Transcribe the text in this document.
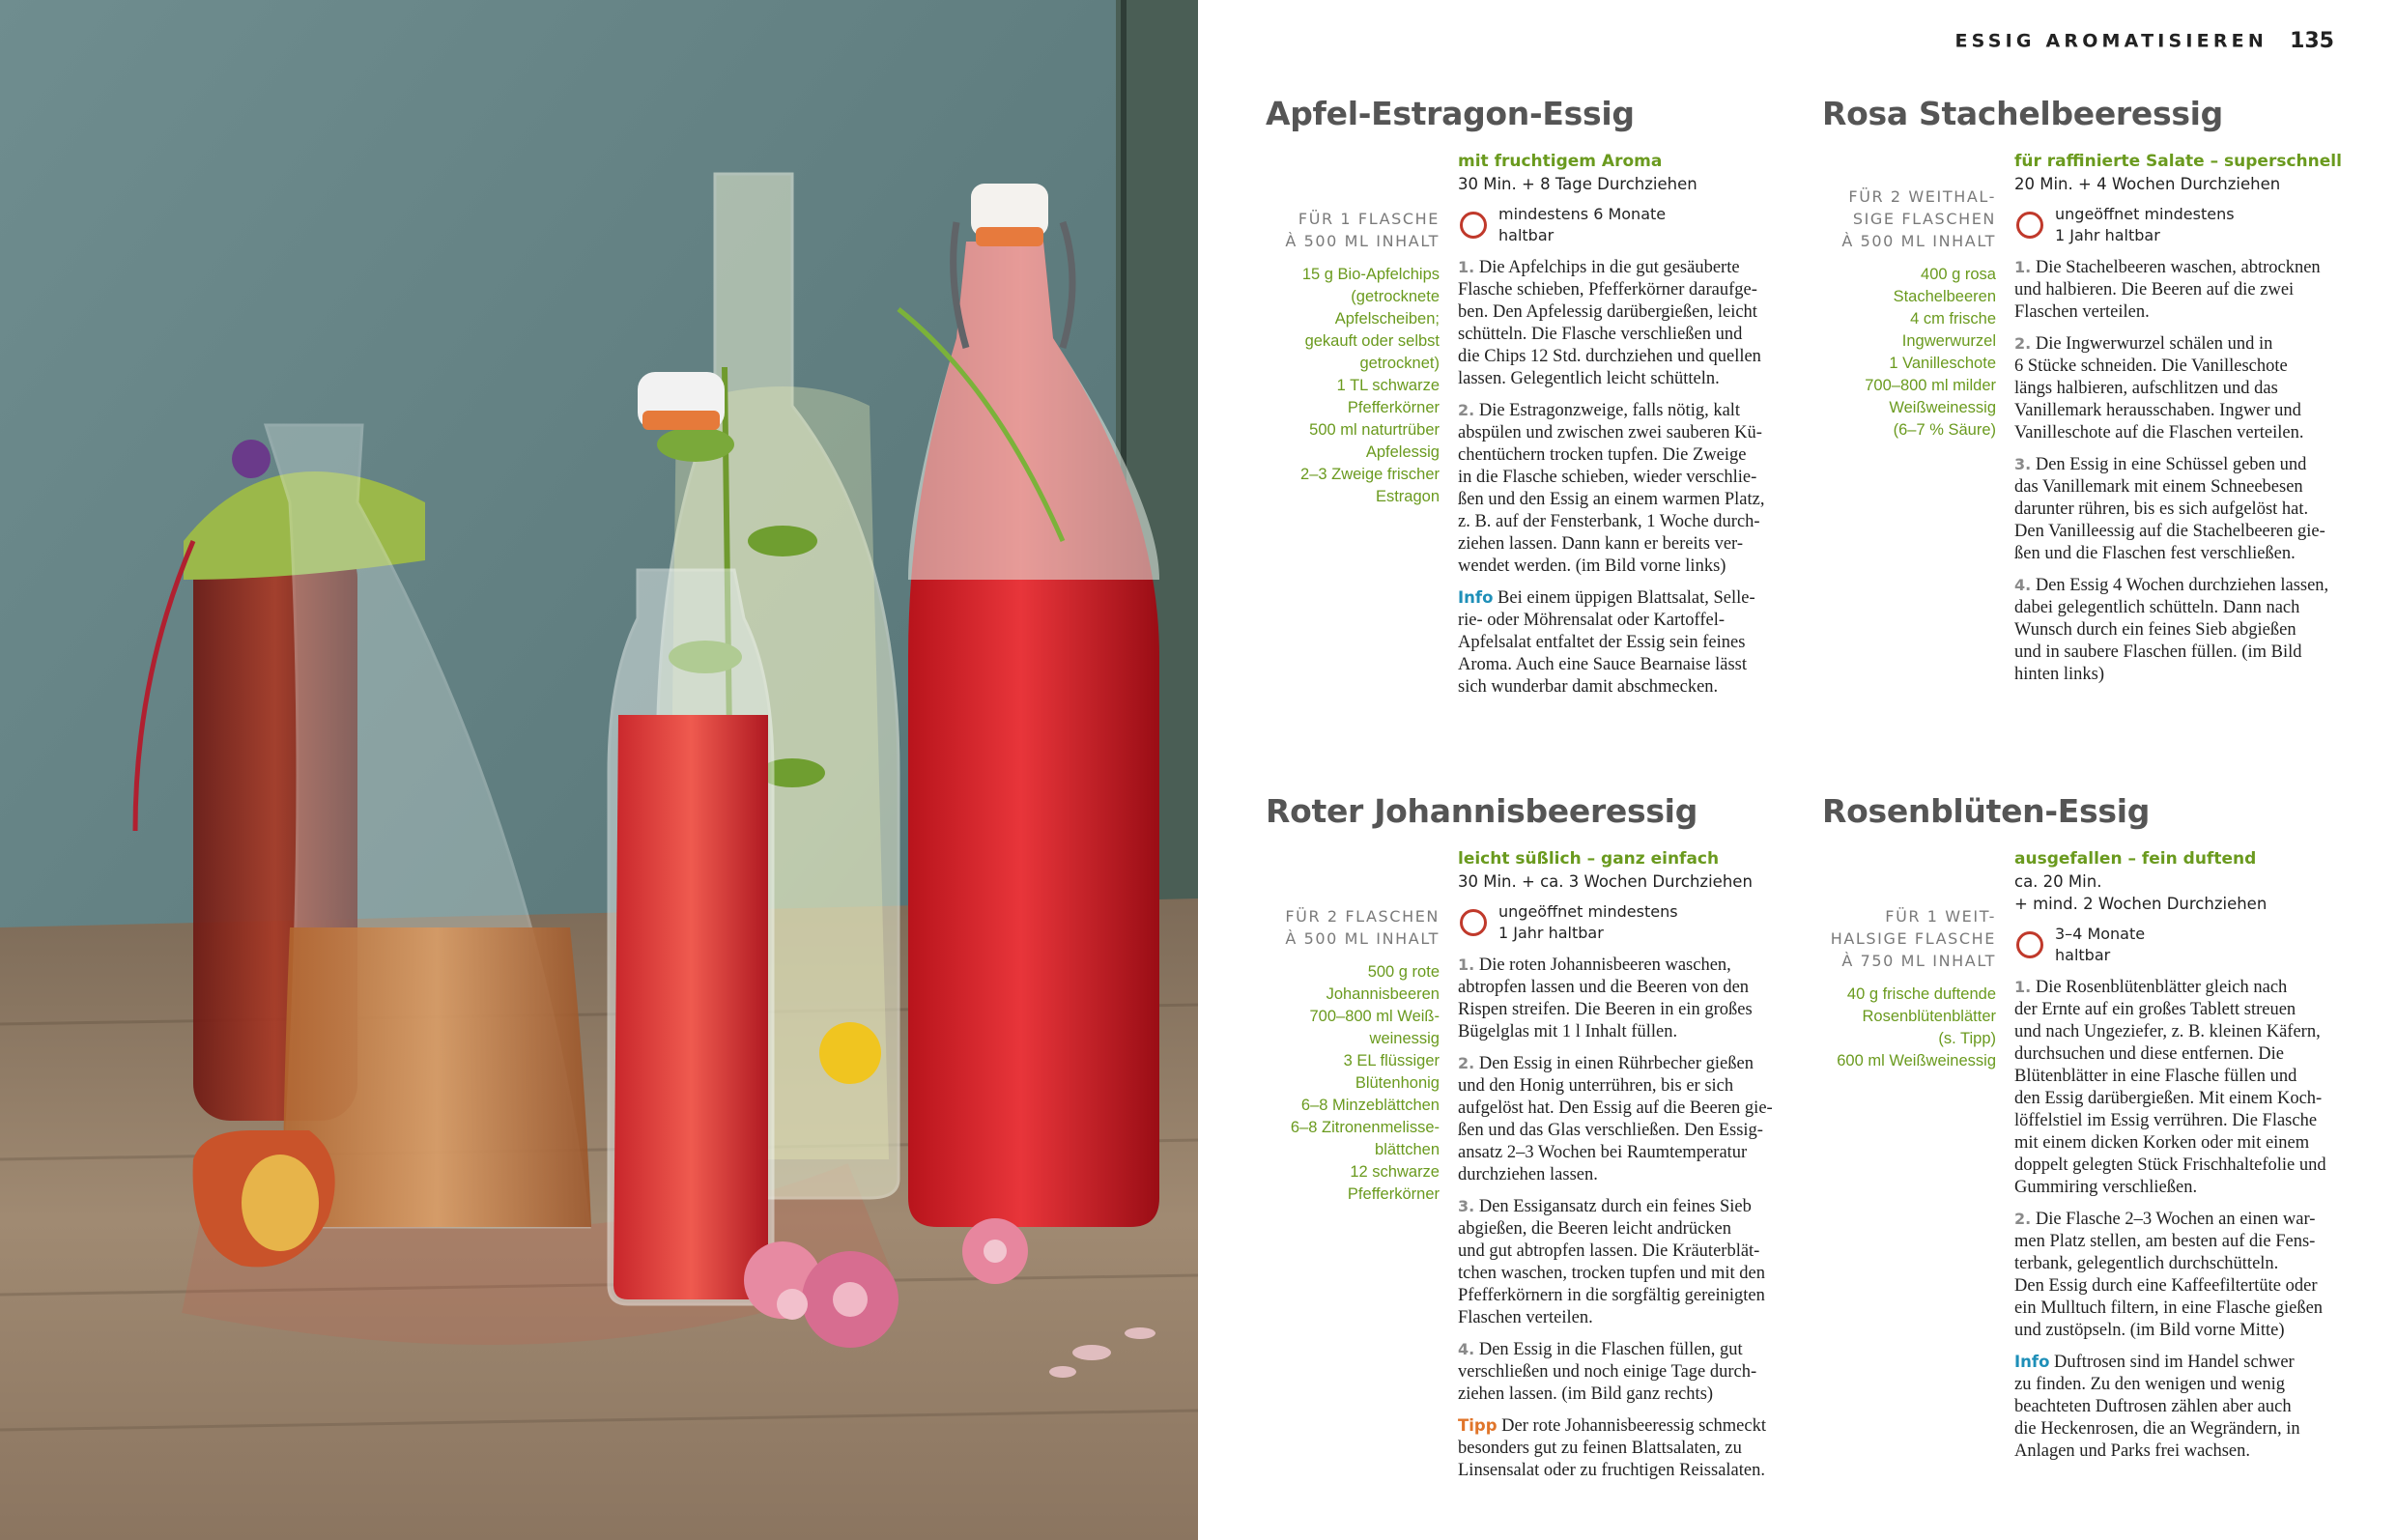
ESSIG AROMATISIEREN 135
Apfel-Estragon-Essig
FÜR 1 FLASCHE
À 500 ML INHALT
15 g Bio-Apfelchips
(getrocknete
Apfelscheiben;
gekauft oder selbst
getrocknet)
1 TL schwarze
Pfefferkörner
500 ml naturtrüber
Apfelessig
2–3 Zweige frischer
Estragon
mit fruchtigem Aroma
30 Min. + 8 Tage Durchziehen
mindestens 6 Monate
haltbar
1. Die Apfelchips in die gut gesäuberte
Flasche schieben, Pfefferkörner daraufge-
ben. Den Apfelessig darübergießen, leicht
schütteln. Die Flasche verschließen und
die Chips 12 Std. durchziehen und quellen
lassen. Gelegentlich leicht schütteln.
2. Die Estragonzweige, falls nötig, kalt
abspülen und zwischen zwei sauberen Kü-
chentüchern trocken tupfen. Die Zweige
in die Flasche schieben, wieder verschlie-
ßen und den Essig an einem warmen Platz,
z. B. auf der Fensterbank, 1 Woche durch-
ziehen lassen. Dann kann er bereits ver-
wendet werden. (im Bild vorne links)
Info Bei einem üppigen Blattsalat, Selle-
rie- oder Möhrensalat oder Kartoffel-
Apfelsalat entfaltet der Essig sein feines
Aroma. Auch eine Sauce Bearnaise lässt
sich wunderbar damit abschmecken.
Rosa Stachelbeeressig
FÜR 2 WEITHAL-
SIGE FLASCHEN
À 500 ML INHALT
400 g rosa
Stachelbeeren
4 cm frische
Ingwerwurzel
1 Vanilleschote
700–800 ml milder
Weißweinessig
(6–7 % Säure)
für raffinierte Salate – superschnell
20 Min. + 4 Wochen Durchziehen
ungeöffnet mindestens
1 Jahr haltbar
1. Die Stachelbeeren waschen, abtrocknen
und halbieren. Die Beeren auf die zwei
Flaschen verteilen.
2. Die Ingwerwurzel schälen und in
6 Stücke schneiden. Die Vanilleschote
längs halbieren, aufschlitzen und das
Vanillemark herausschaben. Ingwer und
Vanilleschote auf die Flaschen verteilen.
3. Den Essig in eine Schüssel geben und
das Vanillemark mit einem Schneebesen
darunter rühren, bis es sich aufgelöst hat.
Den Vanilleessig auf die Stachelbeeren gie-
ßen und die Flaschen fest verschließen.
4. Den Essig 4 Wochen durchziehen lassen,
dabei gelegentlich schütteln. Dann nach
Wunsch durch ein feines Sieb abgießen
und in saubere Flaschen füllen. (im Bild
hinten links)
Roter Johannisbeeressig
FÜR 2 FLASCHEN
À 500 ML INHALT
500 g rote
Johannisbeeren
700–800 ml Weiß-
weinessig
3 EL flüssiger
Blütenhonig
6–8 Minzeblättchen
6–8 Zitronenmelisse-
blättchen
12 schwarze
Pfefferkörner
leicht süßlich – ganz einfach
30 Min. + ca. 3 Wochen Durchziehen
ungeöffnet mindestens
1 Jahr haltbar
1. Die roten Johannisbeeren waschen,
abtropfen lassen und die Beeren von den
Rispen streifen. Die Beeren in ein großes
Bügelglas mit 1 l Inhalt füllen.
2. Den Essig in einen Rührbecher gießen
und den Honig unterrühren, bis er sich
aufgelöst hat. Den Essig auf die Beeren gie-
ßen und das Glas verschließen. Den Essig-
ansatz 2–3 Wochen bei Raumtemperatur
durchziehen lassen.
3. Den Essigansatz durch ein feines Sieb
abgießen, die Beeren leicht andrücken
und gut abtropfen lassen. Die Kräuterblät-
tchen waschen, trocken tupfen und mit den
Pfefferkörnern in die sorgfältig gereinigten
Flaschen verteilen.
4. Den Essig in die Flaschen füllen, gut
verschließen und noch einige Tage durch-
ziehen lassen. (im Bild ganz rechts)
Tipp Der rote Johannisbeeressig schmeckt
besonders gut zu feinen Blattsalaten, zu
Linsensalat oder zu fruchtigen Reissalaten.
Rosenblüten-Essig
FÜR 1 WEIT-
HALSIGE FLASCHE
À 750 ML INHALT
40 g frische duftende
Rosenblütenblätter
(s. Tipp)
600 ml Weißweinessig
ausgefallen – fein duftend
ca. 20 Min.
+ mind. 2 Wochen Durchziehen
3–4 Monate
haltbar
1. Die Rosenblütenblätter gleich nach
der Ernte auf ein großes Tablett streuen
und nach Ungeziefer, z. B. kleinen Käfern,
durchsuchen und diese entfernen. Die
Blütenblätter in eine Flasche füllen und
den Essig darübergießen. Mit einem Koch-
löffelstiel im Essig verrühren. Die Flasche
mit einem dicken Korken oder mit einem
doppelt gelegten Stück Frischhaltefolie und
Gummiring verschließen.
2. Die Flasche 2–3 Wochen an einen war-
men Platz stellen, am besten auf die Fens-
terbank, gelegentlich durchschütteln.
Den Essig durch eine Kaffeefiltertüte oder
ein Mulltuch filtern, in eine Flasche gießen
und zustöpseln. (im Bild vorne Mitte)
Info Duftrosen sind im Handel schwer
zu finden. Zu den wenigen und wenig
beachteten Duftrosen zählen aber auch
die Heckenrosen, die an Wegrändern, in
Anlagen und Parks frei wachsen.
